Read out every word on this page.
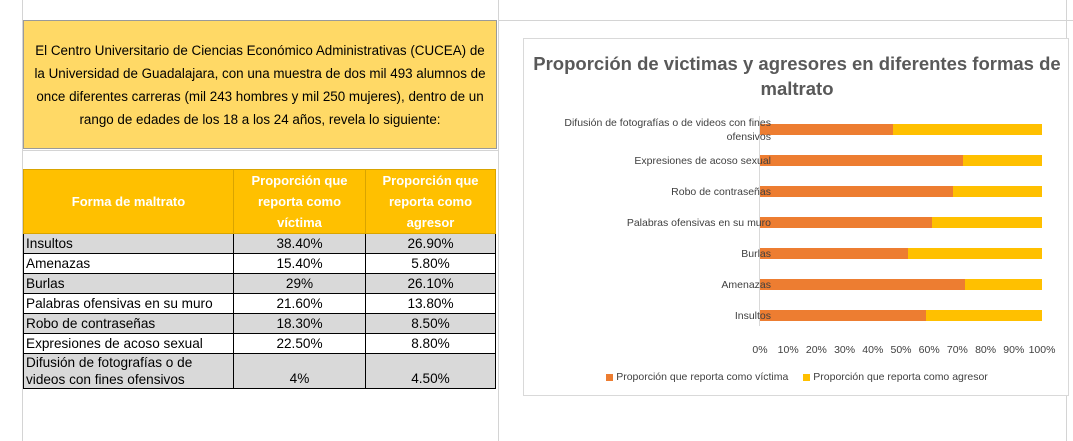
El Centro Universitario de Ciencias Económico Administrativas (CUCEA) de la Universidad de Guadalajara, con una muestra de dos mil 493 alumnos de once diferentes carreras (mil 243 hombres y mil 250 mujeres), dentro de un rango de edades de los 18 a los 24 años, revela lo siguiente:

Forma de maltrato	Proporción que reporta como víctima	Proporción que reporta como agresor
Insultos	38.40%	26.90%
Amenazas	15.40%	5.80%
Burlas	29%	26.10%
Palabras ofensivas en su muro	21.60%	13.80%
Robo de contraseñas	18.30%	8.50%
Expresiones de acoso sexual	22.50%	8.80%
Difusión de fotografías o de videos con fines ofensivos	4%	4.50%
Proporción de victimas y agresores en diferentes formas de maltrato
Proporción que reporta como víctima Proporción que reporta como agresor
Insultos
Amenazas
Burlas
Palabras ofensivas en su muro
Robo de contraseñas
Expresiones de acoso sexual
Difusión de fotografías o de videos con fines ofensivos
0% 10% 20% 30% 40% 50% 60% 70% 80% 90% 100%
